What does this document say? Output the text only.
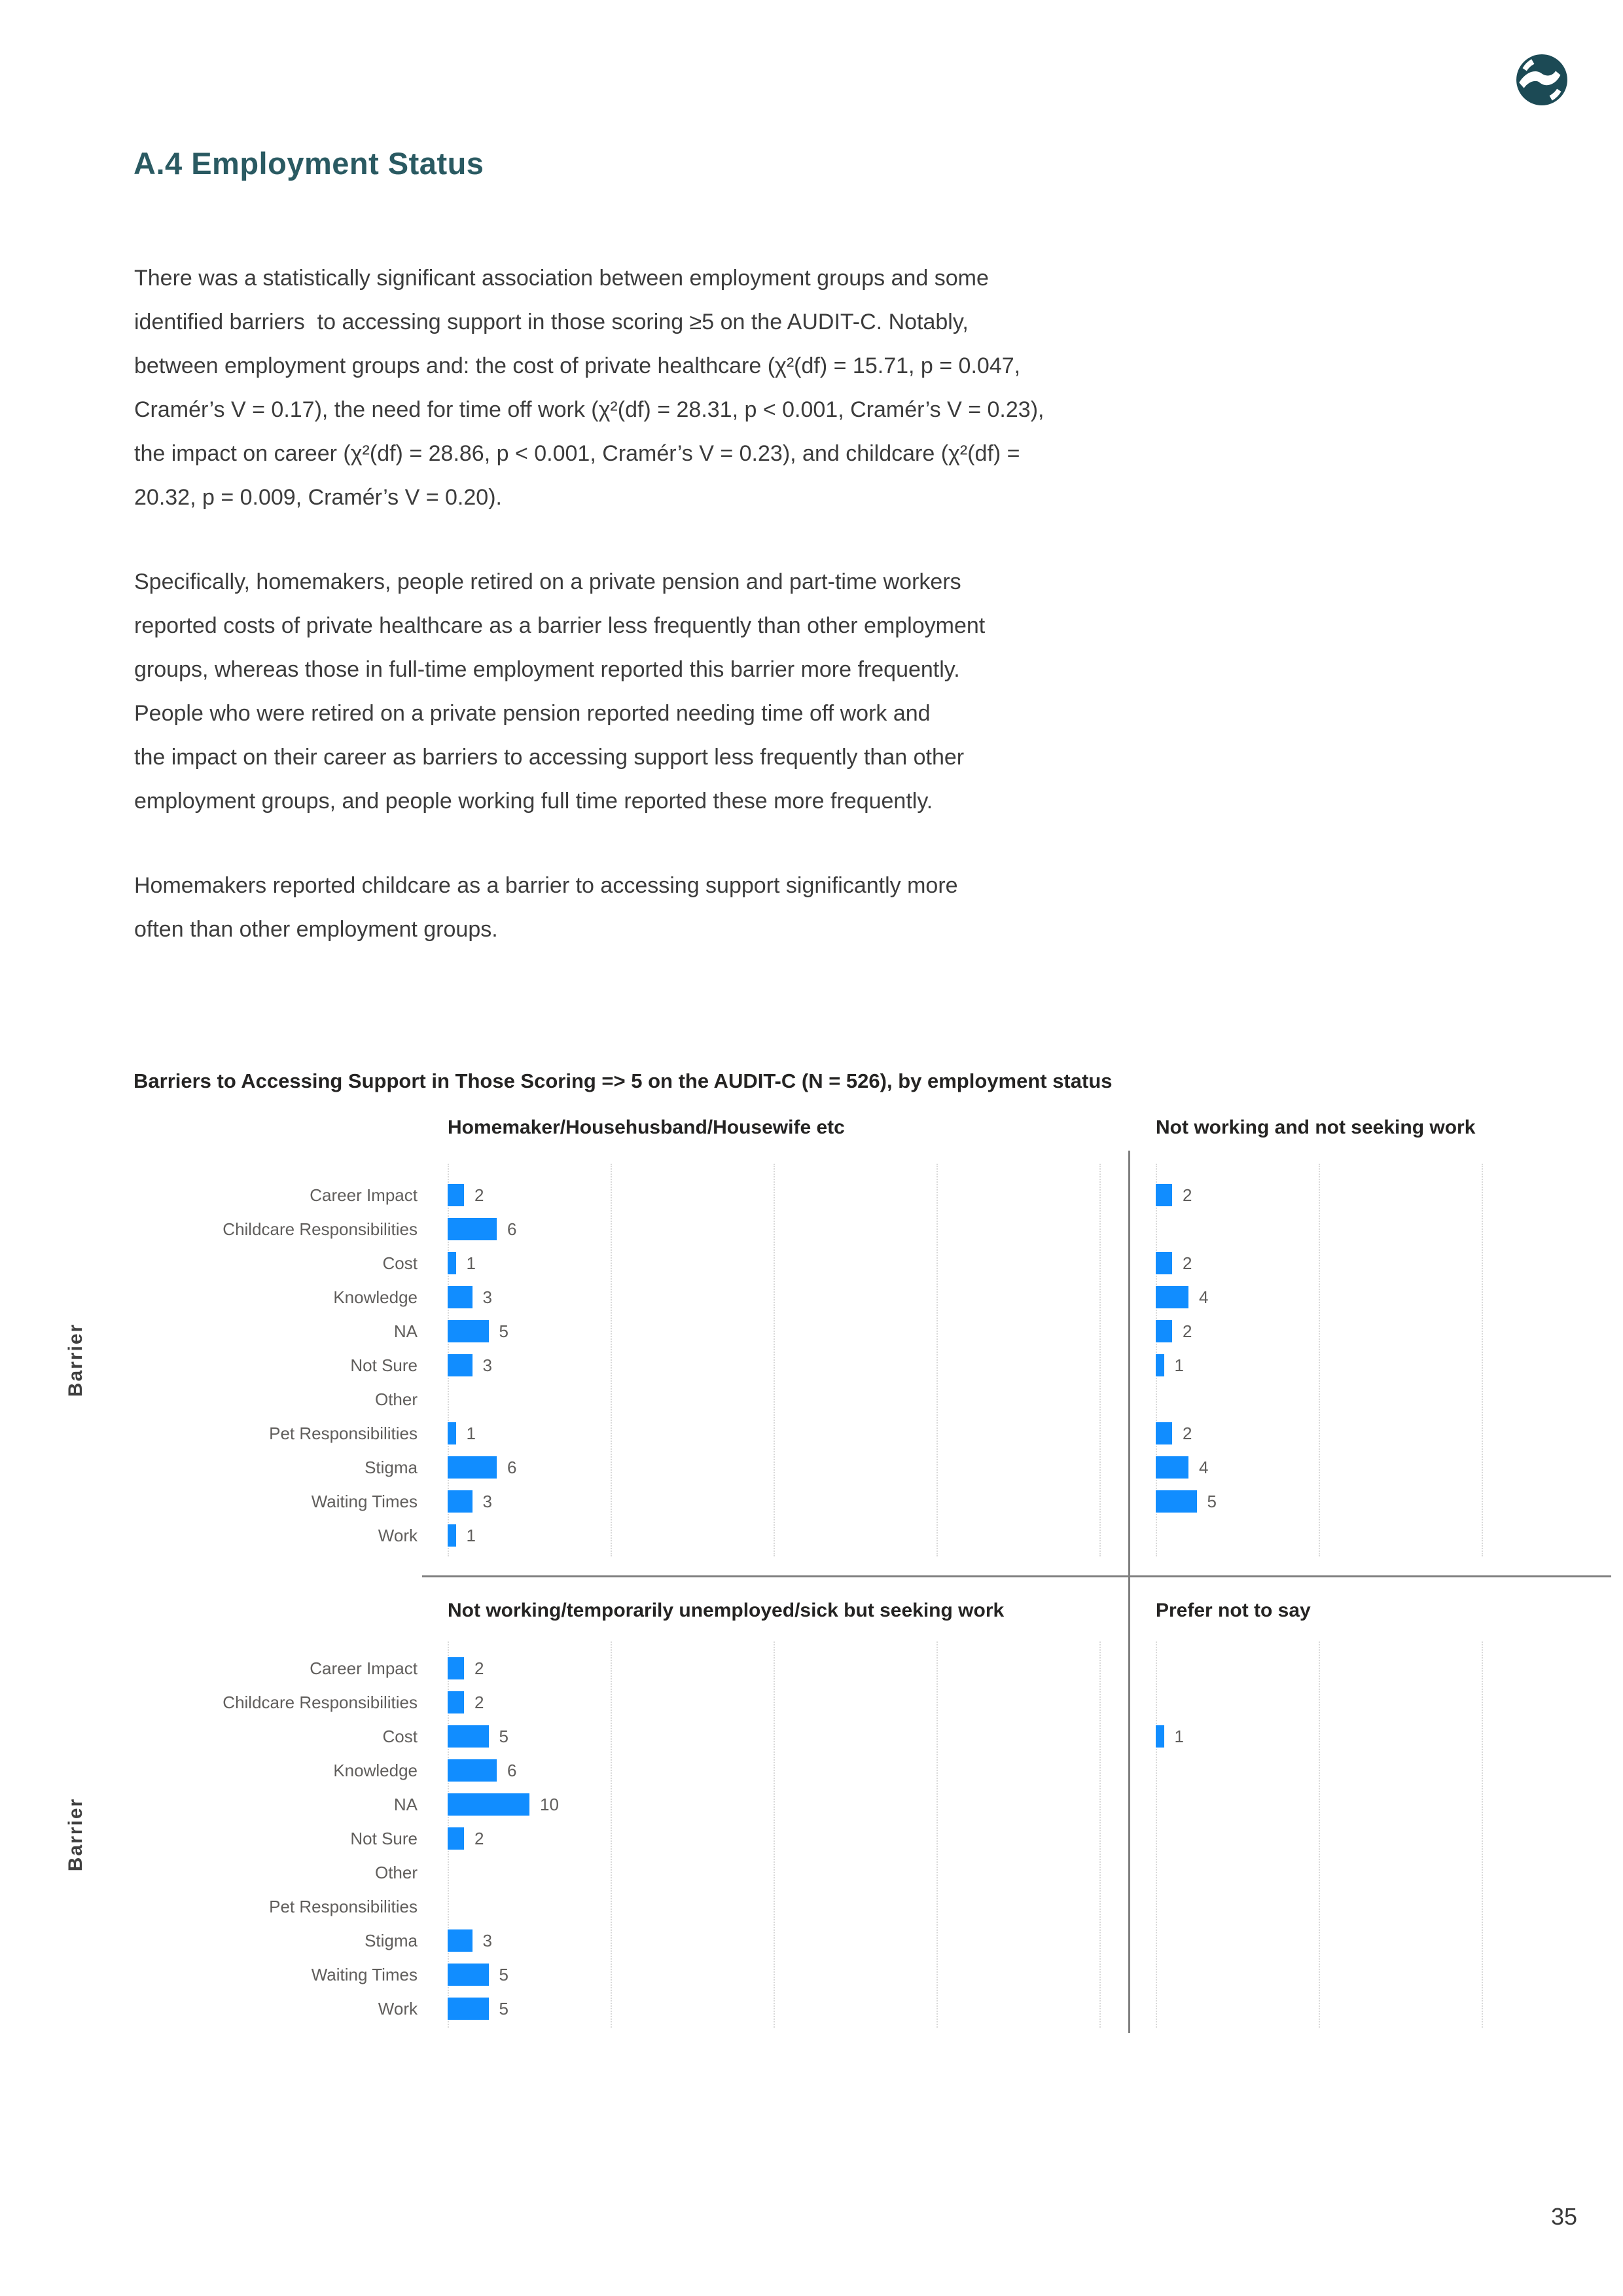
A.4 Employment Status
There was a statistically significant association between employment groups and some
identified barriers  to accessing support in those scoring ≥5 on the AUDIT-C. Notably,
between employment groups and: the cost of private healthcare (χ²(df) = 15.71, p = 0.047,
Cramér’s V = 0.17), the need for time off work (χ²(df) = 28.31, p < 0.001, Cramér’s V = 0.23),
the impact on career (χ²(df) = 28.86, p < 0.001, Cramér’s V = 0.23), and childcare (χ²(df) =
20.32, p = 0.009, Cramér’s V = 0.20).
Specifically, homemakers, people retired on a private pension and part-time workers
reported costs of private healthcare as a barrier less frequently than other employment
groups, whereas those in full-time employment reported this barrier more frequently.
People who were retired on a private pension reported needing time off work and
the impact on their career as barriers to accessing support less frequently than other
employment groups, and people working full time reported these more frequently.
Homemakers reported childcare as a barrier to accessing support significantly more
often than other employment groups.
Barriers to Accessing Support in Those Scoring => 5 on the AUDIT-C (N = 526), by employment status
Barrier
Career Impact
Childcare Responsibilities
Cost
Knowledge
NA
Not Sure
Other
Pet Responsibilities
Stigma
Waiting Times
Work
Homemaker/Househusband/Housewife etc
2
6
1
3
5
3
1
6
3
1
Not working and not seeking work
2
2
4
2
1
2
4
5
Barrier
Career Impact
Childcare Responsibilities
Cost
Knowledge
NA
Not Sure
Other
Pet Responsibilities
Stigma
Waiting Times
Work
Not working/temporarily unemployed/sick but seeking work
2
2
5
6
10
2
3
5
5
Prefer not to say
1
35
